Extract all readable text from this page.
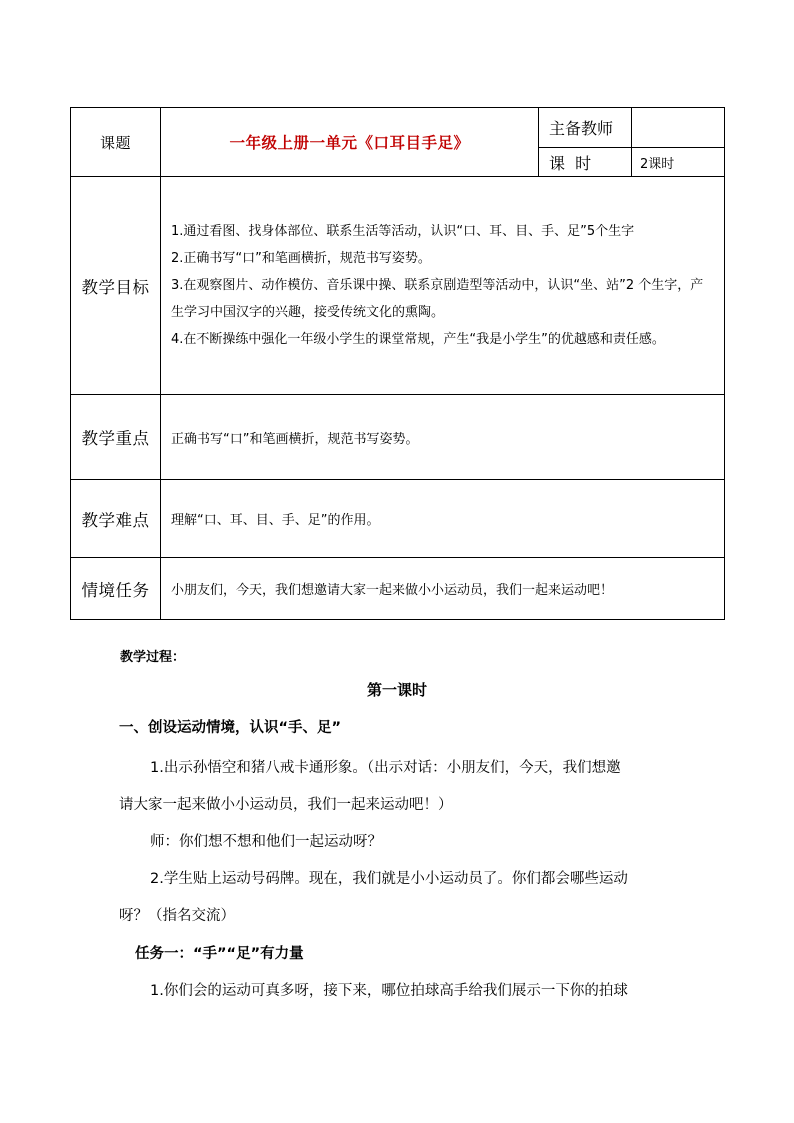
课题	一年级上册一单元《口耳目手足》	主备教师	
		课  时	2课时
教学目标	1.通过看图、找身体部位、联系生活等活动，认识“口、耳、目、手、足”5个生字

2.正确书写“口”和笔画横折，规范书写姿势。

3.在观察图片、动作模仿、音乐课中操、联系京剧造型等活动中，认识“坐、站”2 个生字，产生学习中国汉字的兴趣，接受传统文化的熏陶。

4.在不断操练中强化一年级小学生的课堂常规，产生“我是小学生”的优越感和责任感。		

教学重点	正确书写“口”和笔画横折，规范书写姿势。		
教学难点	理解“口、耳、目、手、足”的作用。		
情境任务	小朋友们，今天，我们想邀请大家一起来做小小运动员，我们一起来运动吧！		
教学过程：
第一课时
一、创设运动情境，认识“手、足”
1.出示孙悟空和猪八戒卡通形象。（出示对话：小朋友们，今天，我们想邀
请大家一起来做小小运动员，我们一起来运动吧！）
师：你们想不想和他们一起运动呀？
2.学生贴上运动号码牌。现在，我们就是小小运动员了。你们都会哪些运动
呀？（指名交流）
任务一：“手”“足”有力量
1.你们会的运动可真多呀，接下来，哪位拍球高手给我们展示一下你的拍球
